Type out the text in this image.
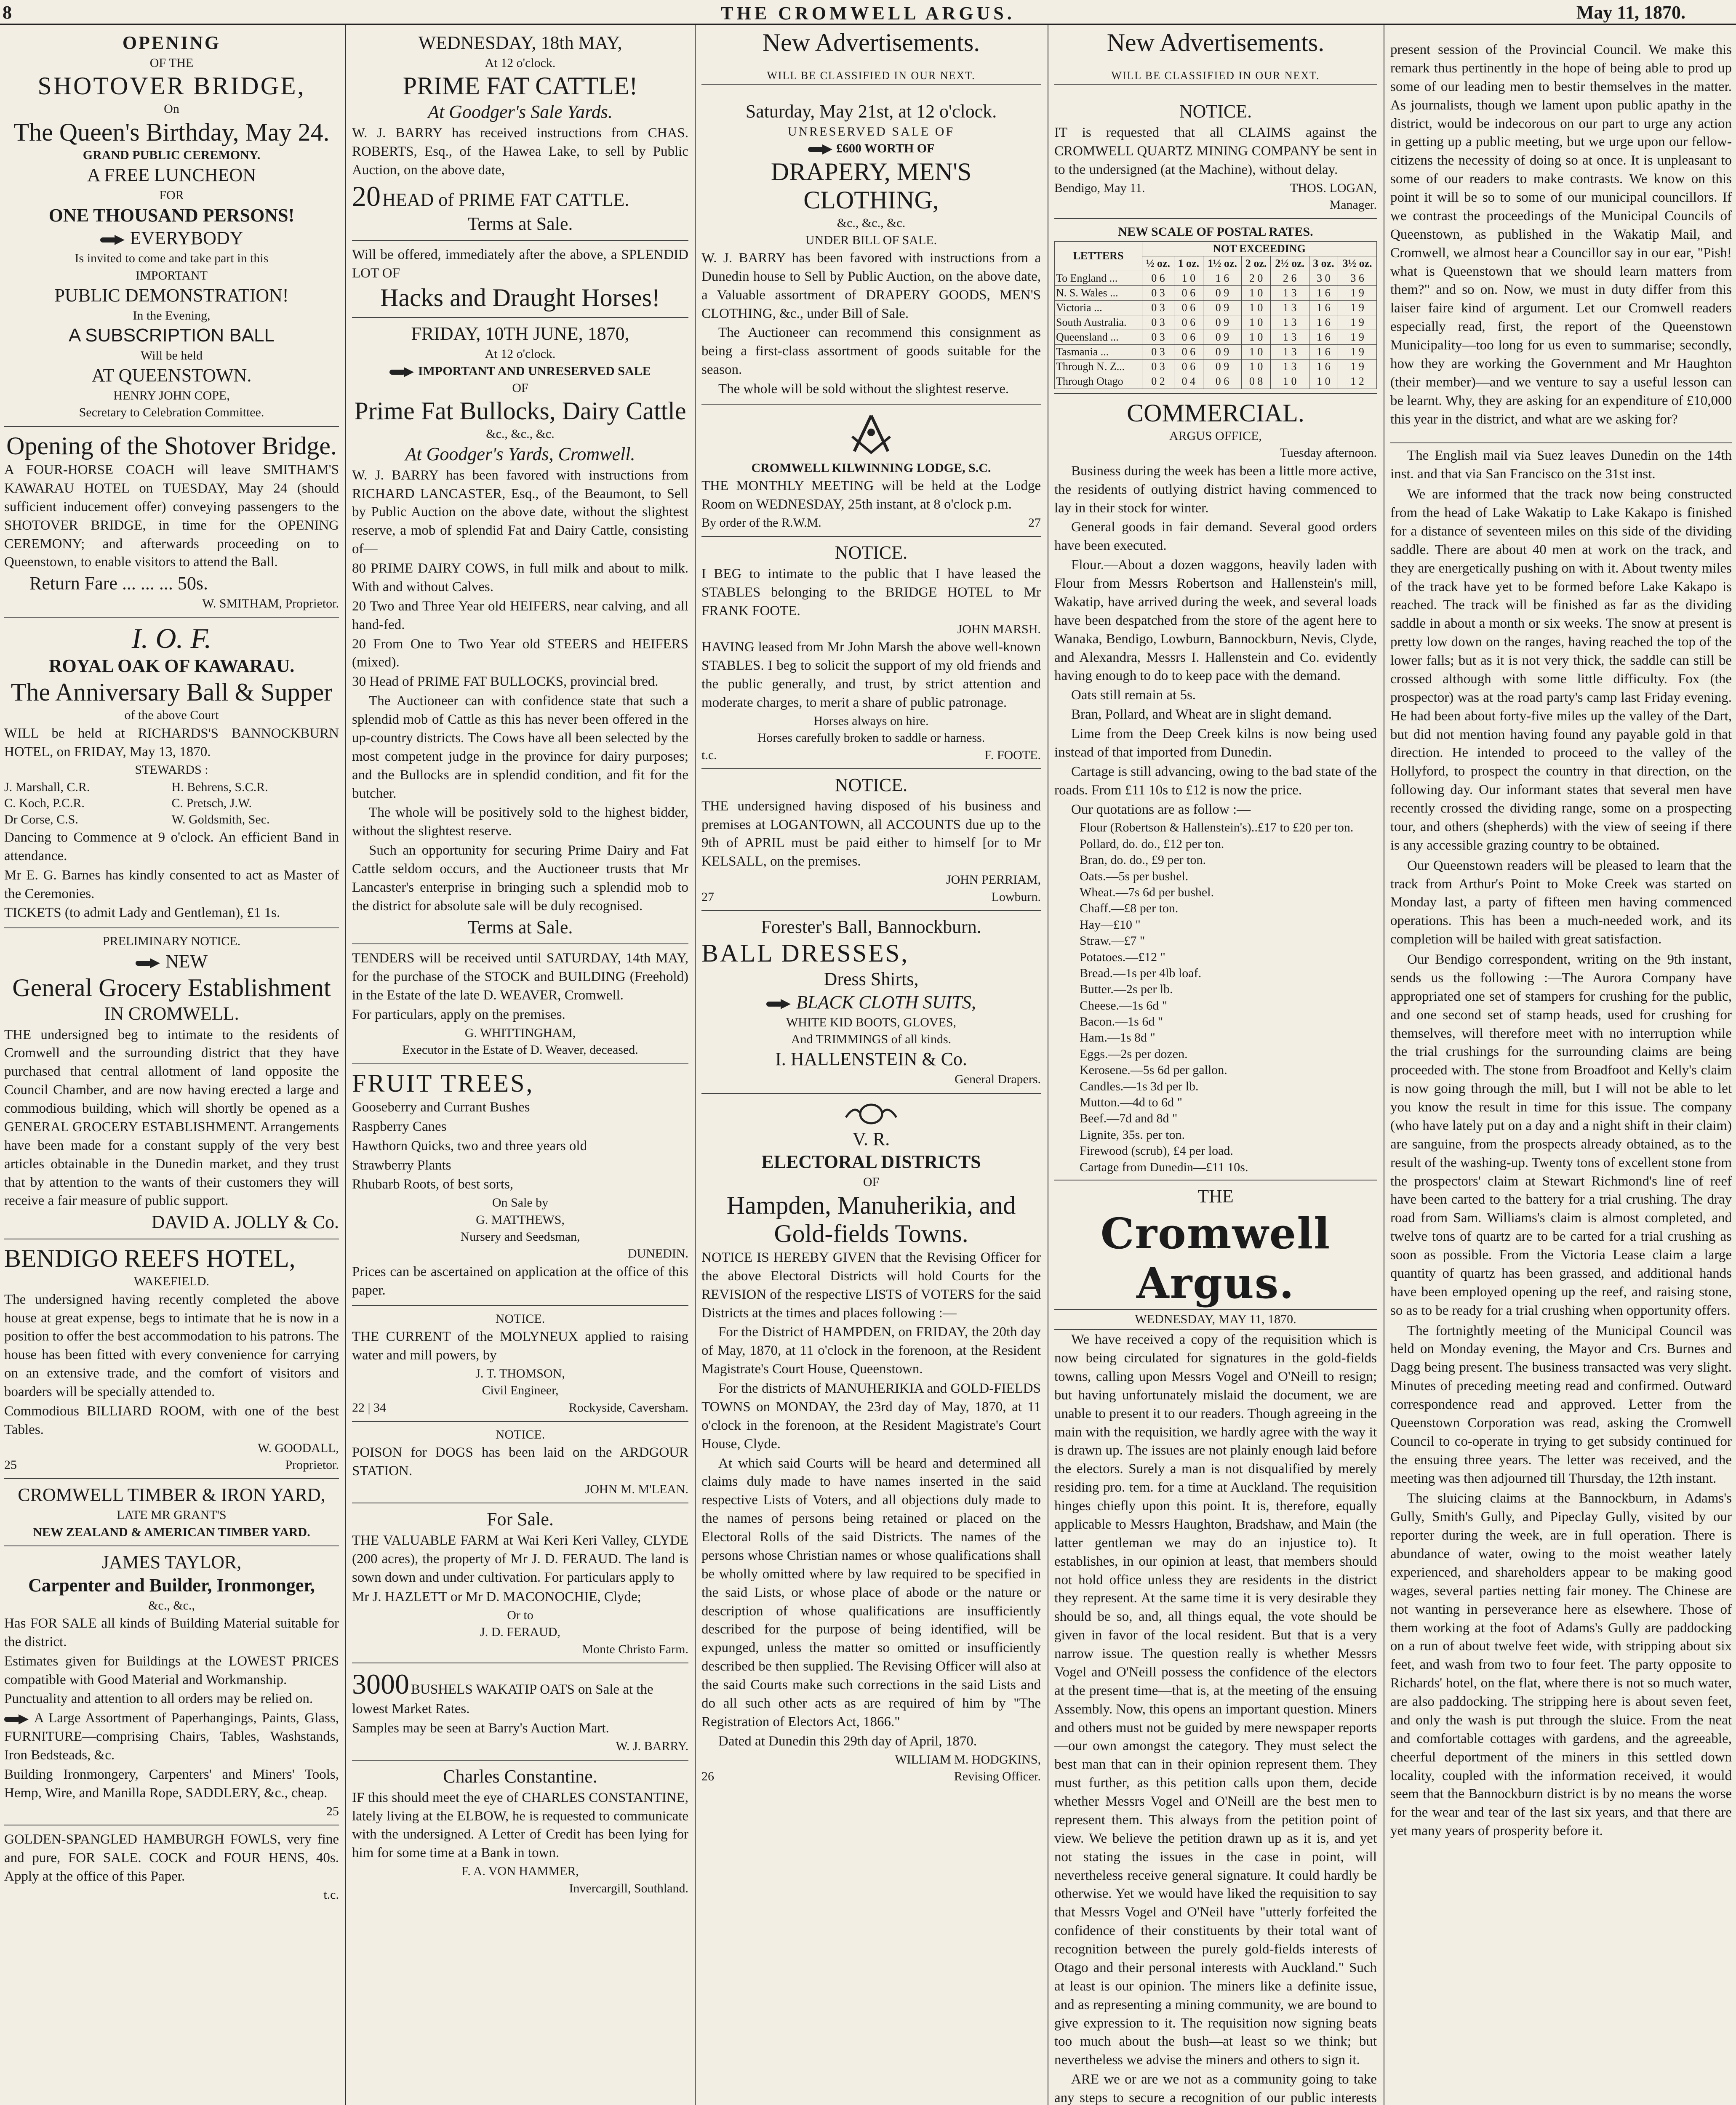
8	THE CROMWELL ARGUS.	May 11, 1870.

OPENING

OF THE

SHOTOVER BRIDGE,

On

The Queen's Birthday, May 24.

GRAND PUBLIC CEREMONY.

A FREE LUNCHEON

FOR

ONE THOUSAND PERSONS!

EVERYBODY

Is invited to come and take part in this

IMPORTANT

PUBLIC DEMONSTRATION!

In the Evening,

A SUBSCRIPTION BALL

Will be held

AT QUEENSTOWN.

HENRY JOHN COPE,

Secretary to Celebration Committee.

Opening of the Shotover Bridge.

A FOUR-HORSE COACH will leave SMITHAM'S KAWARAU HOTEL on TUESDAY, May 24 (should sufficient inducement offer) conveying passengers to the SHOTOVER BRIDGE, in time for the OPENING CEREMONY; and afterwards proceeding on to Queenstown, to enable visitors to attend the Ball.

Return Fare ... ... ... 50s.

W. SMITHAM, Proprietor.

I. O. F.

ROYAL OAK OF KAWARAU.

The Anniversary Ball & Supper

of the above Court

WILL be held at RICHARDS'S BANNOCKBURN HOTEL, on FRIDAY, May 13, 1870.

STEWARDS :

J. Marshall, C.R.	H. Behrens, S.C.R.
C. Koch, P.C.R.	C. Pretsch, J.W.
Dr Corse, C.S.	W. Goldsmith, Sec.

Dancing to Commence at 9 o'clock. An efficient Band in attendance.

Mr E. G. Barnes has kindly consented to act as Master of the Ceremonies.

TICKETS (to admit Lady and Gentleman), £1 1s.

PRELIMINARY NOTICE.

NEW

General Grocery Establishment

IN CROMWELL.

THE undersigned beg to intimate to the residents of Cromwell and the surrounding district that they have purchased that central allotment of land opposite the Council Chamber, and are now having erected a large and commodious building, which will shortly be opened as a GENERAL GROCERY ESTABLISHMENT. Arrangements have been made for a constant supply of the very best articles obtainable in the Dunedin market, and they trust that by attention to the wants of their customers they will receive a fair measure of public support.

DAVID A. JOLLY & Co.

BENDIGO REEFS HOTEL,

WAKEFIELD.

The undersigned having recently completed the above house at great expense, begs to intimate that he is now in a position to offer the best accommodation to his patrons. The house has been fitted with every convenience for carrying on an extensive trade, and the comfort of visitors and boarders will be specially attended to.

Commodious BILLIARD ROOM, with one of the best Tables.

W. GOODALL,

25	Proprietor.

CROMWELL TIMBER & IRON YARD,

LATE MR GRANT'S

NEW ZEALAND & AMERICAN TIMBER YARD.

JAMES TAYLOR,

Carpenter and Builder, Ironmonger,

&c., &c.,

Has FOR SALE all kinds of Building Material suitable for the district.

Estimates given for Buildings at the LOWEST PRICES compatible with Good Material and Workmanship.

Punctuality and attention to all orders may be relied on.

A Large Assortment of Paperhangings, Paints, Glass, FURNITURE—comprising Chairs, Tables, Washstands, Iron Bedsteads, &c.

Building Ironmongery, Carpenters' and Miners' Tools, Hemp, Wire, and Manilla Rope, SADDLERY, &c., cheap.

25

GOLDEN-SPANGLED HAMBURGH FOWLS, very fine and pure, FOR SALE. COCK and FOUR HENS, 40s. Apply at the office of this Paper.

t.c.

WEDNESDAY, 18th MAY,

At 12 o'clock.

PRIME FAT CATTLE!

At Goodger's Sale Yards.

W. J. BARRY has received instructions from CHAS. ROBERTS, Esq., of the Hawea Lake, to sell by Public Auction, on the above date,

20 HEAD of PRIME FAT CATTLE.

Terms at Sale.

Will be offered, immediately after the above, a SPLENDID LOT OF

Hacks and Draught Horses!

FRIDAY, 10TH JUNE, 1870,

At 12 o'clock.

IMPORTANT AND UNRESERVED SALE

OF

Prime Fat Bullocks, Dairy Cattle

&c., &c., &c.

At Goodger's Yards, Cromwell.

W. J. BARRY has been favored with instructions from RICHARD LANCASTER, Esq., of the Beaumont, to Sell by Public Auction on the above date, without the slightest reserve, a mob of splendid Fat and Dairy Cattle, consisting of—

80 PRIME DAIRY COWS, in full milk and about to milk. With and without Calves.

20 Two and Three Year old HEIFERS, near calving, and all hand-fed.

20 From One to Two Year old STEERS and HEIFERS (mixed).

30 Head of PRIME FAT BULLOCKS, provincial bred.

The Auctioneer can with confidence state that such a splendid mob of Cattle as this has never been offered in the up-country districts. The Cows have all been selected by the most competent judge in the province for dairy purposes; and the Bullocks are in splendid condition, and fit for the butcher.

The whole will be positively sold to the highest bidder, without the slightest reserve.

Such an opportunity for securing Prime Dairy and Fat Cattle seldom occurs, and the Auctioneer trusts that Mr Lancaster's enterprise in bringing such a splendid mob to the district for absolute sale will be duly recognised.

Terms at Sale.

TENDERS will be received until SATURDAY, 14th MAY, for the purchase of the STOCK and BUILDING (Freehold) in the Estate of the late D. WEAVER, Cromwell.

For particulars, apply on the premises.

G. WHITTINGHAM,

Executor in the Estate of D. Weaver, deceased.

FRUIT TREES,

Gooseberry and Currant Bushes

Raspberry Canes

Hawthorn Quicks, two and three years old

Strawberry Plants

Rhubarb Roots, of best sorts,

On Sale by

G. MATTHEWS,

Nursery and Seedsman,

DUNEDIN.

Prices can be ascertained on application at the office of this paper.

NOTICE.

THE CURRENT of the MOLYNEUX applied to raising water and mill powers, by

J. T. THOMSON,

Civil Engineer,

22 | 34	Rockyside, Caversham.

NOTICE.

POISON for DOGS has been laid on the ARDGOUR STATION.

JOHN M. M'LEAN.

For Sale.

THE VALUABLE FARM at Wai Keri Keri Valley, CLYDE (200 acres), the property of Mr J. D. FERAUD. The land is sown down and under cultivation. For particulars apply to

Mr J. HAZLETT or Mr D. MACONOCHIE, Clyde;

Or to

J. D. FERAUD,

Monte Christo Farm.

3000 BUSHELS WAKATIP OATS on Sale at the lowest Market Rates.

Samples may be seen at Barry's Auction Mart.

W. J. BARRY.

Charles Constantine.

IF this should meet the eye of CHARLES CONSTANTINE, lately living at the ELBOW, he is requested to communicate with the undersigned. A Letter of Credit has been lying for him for some time at a Bank in town.

F. A. VON HAMMER,

Invercargill, Southland.

New Advertisements.

WILL BE CLASSIFIED IN OUR NEXT.

Saturday, May 21st, at 12 o'clock.

UNRESERVED SALE OF

£600 WORTH OF

DRAPERY, MEN'S CLOTHING,

&c., &c., &c.

UNDER BILL OF SALE.

W. J. BARRY has been favored with instructions from a Dunedin house to Sell by Public Auction, on the above date, a Valuable assortment of DRAPERY GOODS, MEN'S CLOTHING, &c., under Bill of Sale.

The Auctioneer can recommend this consignment as being a first-class assortment of goods suitable for the season.

The whole will be sold without the slightest reserve.

CROMWELL KILWINNING LODGE, S.C.

THE MONTHLY MEETING will be held at the Lodge Room on WEDNESDAY, 25th instant, at 8 o'clock p.m.

By order of the R.W.M.	27

NOTICE.

I BEG to intimate to the public that I have leased the STABLES belonging to the BRIDGE HOTEL to Mr FRANK FOOTE.

JOHN MARSH.

HAVING leased from Mr John Marsh the above well-known STABLES. I beg to solicit the support of my old friends and the public generally, and trust, by strict attention and moderate charges, to merit a share of public patronage.

Horses always on hire.

Horses carefully broken to saddle or harness.

t.c.	F. FOOTE.

NOTICE.

THE undersigned having disposed of his business and premises at LOGANTOWN, all ACCOUNTS due up to the 9th of APRIL must be paid either to himself [or to Mr KELSALL, on the premises.

JOHN PERRIAM,

27	Lowburn.

Forester's Ball, Bannockburn.

BALL DRESSES,

Dress Shirts,

BLACK CLOTH SUITS,

WHITE KID BOOTS, GLOVES,

And TRIMMINGS of all kinds.

I. HALLENSTEIN & Co.

General Drapers.

V. R.

ELECTORAL DISTRICTS

OF

Hampden, Manuherikia, and Gold-fields Towns.

NOTICE IS HEREBY GIVEN that the Revising Officer for the above Electoral Districts will hold Courts for the REVISION of the respective LISTS of VOTERS for the said Districts at the times and places following :—

For the District of HAMPDEN, on FRIDAY, the 20th day of May, 1870, at 11 o'clock in the forenoon, at the Resident Magistrate's Court House, Queenstown.

For the districts of MANUHERIKIA and GOLD-FIELDS TOWNS on MONDAY, the 23rd day of May, 1870, at 11 o'clock in the forenoon, at the Resident Magistrate's Court House, Clyde.

At which said Courts will be heard and determined all claims duly made to have names inserted in the said respective Lists of Voters, and all objections duly made to the names of persons being retained or placed on the Electoral Rolls of the said Districts. The names of the persons whose Christian names or whose qualifications shall be wholly omitted where by law required to be specified in the said Lists, or whose place of abode or the nature or description of whose qualifications are insufficiently described for the purpose of being identified, will be expunged, unless the matter so omitted or insufficiently described be then supplied. The Revising Officer will also at the said Courts make such corrections in the said Lists and do all such other acts as are required of him by "The Registration of Electors Act, 1866."

Dated at Dunedin this 29th day of April, 1870.

WILLIAM M. HODGKINS,

26	Revising Officer.

New Advertisements.

WILL BE CLASSIFIED IN OUR NEXT.

NOTICE.

IT is requested that all CLAIMS against the CROMWELL QUARTZ MINING COMPANY be sent in to the undersigned (at the Machine), without delay.

Bendigo, May 11.	THOS. LOGAN,

Manager.

NEW SCALE OF POSTAL RATES.

LETTERS	NOT EXCEEDING						
	½ oz.	1 oz.	1½ oz.	2 oz.	2½ oz.	3 oz.	3½ oz.
To England ...	0 6	1 0	1 6	2 0	2 6	3 0	3 6
N. S. Wales ...	0 3	0 6	0 9	1 0	1 3	1 6	1 9
Victoria ...	0 3	0 6	0 9	1 0	1 3	1 6	1 9
South Australia.	0 3	0 6	0 9	1 0	1 3	1 6	1 9
Queensland ...	0 3	0 6	0 9	1 0	1 3	1 6	1 9
Tasmania ...	0 3	0 6	0 9	1 0	1 3	1 6	1 9
Through N. Z...	0 3	0 6	0 9	1 0	1 3	1 6	1 9
Through Otago	0 2	0 4	0 6	0 8	1 0	1 0	1 2

COMMERCIAL.

ARGUS OFFICE,

Tuesday afternoon.

Business during the week has been a little more active, the residents of outlying district having commenced to lay in their stock for winter.

General goods in fair demand. Several good orders have been executed.

Flour.—About a dozen waggons, heavily laden with Flour from Messrs Robertson and Hallenstein's mill, Wakatip, have arrived during the week, and several loads have been despatched from the store of the agent here to Wanaka, Bendigo, Lowburn, Bannockburn, Nevis, Clyde, and Alexandra, Messrs I. Hallenstein and Co. evidently having enough to do to keep pace with the demand.

Oats still remain at 5s.

Bran, Pollard, and Wheat are in slight demand.

Lime from the Deep Creek kilns is now being used instead of that imported from Dunedin.

Cartage is still advancing, owing to the bad state of the roads. From £11 10s to £12 is now the price.

Our quotations are as follow :—

Flour (Robertson & Hallenstein's)..£17 to £20 per ton.

Pollard, do. do., £12 per ton.

Bran, do. do., £9 per ton.

Oats.—5s per bushel.

Wheat.—7s 6d per bushel.

Chaff.—£8 per ton.

Hay—£10 "

Straw.—£7 "

Potatoes.—£12 "

Bread.—1s per 4lb loaf.

Butter.—2s per lb.

Cheese.—1s 6d "

Bacon.—1s 6d "

Ham.—1s 8d "

Eggs.—2s per dozen.

Kerosene.—5s 6d per gallon.

Candles.—1s 3d per lb.

Mutton.—4d to 6d "

Beef.—7d and 8d "

Lignite, 35s. per ton.

Firewood (scrub), £4 per load.

Cartage from Dunedin—£11 10s.

THE

Cromwell Argus.

WEDNESDAY, MAY 11, 1870.

We have received a copy of the requisition which is now being circulated for signatures in the gold-fields towns, calling upon Messrs Vogel and O'Neill to resign; but having unfortunately mislaid the document, we are unable to present it to our readers. Though agreeing in the main with the requisition, we hardly agree with the way it is drawn up. The issues are not plainly enough laid before the electors. Surely a man is not disqualified by merely residing pro. tem. for a time at Auckland. The requisition hinges chiefly upon this point. It is, therefore, equally applicable to Messrs Haughton, Bradshaw, and Main (the latter gentleman we may do an injustice to). It establishes, in our opinion at least, that members should not hold office unless they are residents in the district they represent. At the same time it is very desirable they should be so, and, all things equal, the vote should be given in favor of the local resident. But that is a very narrow issue. The question really is whether Messrs Vogel and O'Neill possess the confidence of the electors at the present time—that is, at the meeting of the ensuing Assembly. Now, this opens an important question. Miners and others must not be guided by mere newspaper reports—our own amongst the category. They must select the best man that can in their opinion represent them. They must further, as this petition calls upon them, decide whether Messrs Vogel and O'Neill are the best men to represent them. This always from the petition point of view. We believe the petition drawn up as it is, and yet not stating the issues in the case in point, will nevertheless receive general signature. It could hardly be otherwise. Yet we would have liked the requisition to say that Messrs Vogel and O'Neil have "utterly forfeited the confidence of their constituents by their total want of recognition between the purely gold-fields interests of Otago and their personal interests with Auckland." Such at least is our opinion. The miners like a definite issue, and as representing a mining community, we are bound to give expression to it. The requisition now signing beats too much about the bush—at least so we think; but nevertheless we advise the miners and others to sign it.

ARE we or are we not as a community going to take any steps to secure a recognition of our public interests

present session of the Provincial Council. We make this remark thus pertinently in the hope of being able to prod up some of our leading men to bestir themselves in the matter. As journalists, though we lament upon public apathy in the district, would be indecorous on our part to urge any action in getting up a public meeting, but we urge upon our fellow-citizens the necessity of doing so at once. It is unpleasant to some of our readers to make contrasts. We know on this point it will be so to some of our municipal councillors. If we contrast the proceedings of the Municipal Councils of Queenstown, as published in the Wakatip Mail, and Cromwell, we almost hear a Councillor say in our ear, "Pish! what is Queenstown that we should learn matters from them?" and so on. Now, we must in duty differ from this laiser faire kind of argument. Let our Cromwell readers especially read, first, the report of the Queenstown Municipality—too long for us even to summarise; secondly, how they are working the Government and Mr Haughton (their member)—and we venture to say a useful lesson can be learnt. Why, they are asking for an expenditure of £10,000 this year in the district, and what are we asking for?

The English mail via Suez leaves Dunedin on the 14th inst. and that via San Francisco on the 31st inst.

We are informed that the track now being constructed from the head of Lake Wakatip to Lake Kakapo is finished for a distance of seventeen miles on this side of the dividing saddle. There are about 40 men at work on the track, and they are energetically pushing on with it. About twenty miles of the track have yet to be formed before Lake Kakapo is reached. The track will be finished as far as the dividing saddle in about a month or six weeks. The snow at present is pretty low down on the ranges, having reached the top of the lower falls; but as it is not very thick, the saddle can still be crossed although with some little difficulty. Fox (the prospector) was at the road party's camp last Friday evening. He had been about forty-five miles up the valley of the Dart, but did not mention having found any payable gold in that direction. He intended to proceed to the valley of the Hollyford, to prospect the country in that direction, on the following day. Our informant states that several men have recently crossed the dividing range, some on a prospecting tour, and others (shepherds) with the view of seeing if there is any accessible grazing country to be obtained.

Our Queenstown readers will be pleased to learn that the track from Arthur's Point to Moke Creek was started on Monday last, a party of fifteen men having commenced operations. This has been a much-needed work, and its completion will be hailed with great satisfaction.

Our Bendigo correspondent, writing on the 9th instant, sends us the following :—The Aurora Company have appropriated one set of stampers for crushing for the public, and one second set of stamp heads, used for crushing for themselves, will therefore meet with no interruption while the trial crushings for the surrounding claims are being proceeded with. The stone from Broadfoot and Kelly's claim is now going through the mill, but I will not be able to let you know the result in time for this issue. The company (who have lately put on a day and a night shift in their claim) are sanguine, from the prospects already obtained, as to the result of the washing-up. Twenty tons of excellent stone from the prospectors' claim at Stewart Richmond's line of reef have been carted to the battery for a trial crushing. The dray road from Sam. Williams's claim is almost completed, and twelve tons of quartz are to be carted for a trial crushing as soon as possible. From the Victoria Lease claim a large quantity of quartz has been grassed, and additional hands have been employed opening up the reef, and raising stone, so as to be ready for a trial crushing when opportunity offers.

The fortnightly meeting of the Municipal Council was held on Monday evening, the Mayor and Crs. Burnes and Dagg being present. The business transacted was very slight. Minutes of preceding meeting read and confirmed. Outward correspondence read and approved. Letter from the Queenstown Corporation was read, asking the Cromwell Council to co-operate in trying to get subsidy continued for the ensuing three years. The letter was received, and the meeting was then adjourned till Thursday, the 12th instant.

The sluicing claims at the Bannockburn, in Adams's Gully, Smith's Gully, and Pipeclay Gully, visited by our reporter during the week, are in full operation. There is abundance of water, owing to the moist weather lately experienced, and shareholders appear to be making good wages, several parties netting fair money. The Chinese are not wanting in perseverance here as elsewhere. Those of them working at the foot of Adams's Gully are paddocking on a run of about twelve feet wide, with stripping about six feet, and wash from two to four feet. The party opposite to Richards' hotel, on the flat, where there is not so much water, are also paddocking. The stripping here is about seven feet, and only the wash is put through the sluice. From the neat and comfortable cottages with gardens, and the agreeable, cheerful deportment of the miners in this settled down locality, coupled with the information received, it would seem that the Bannockburn district is by no means the worse for the wear and tear of the last six years, and that there are yet many years of prosperity before it.
